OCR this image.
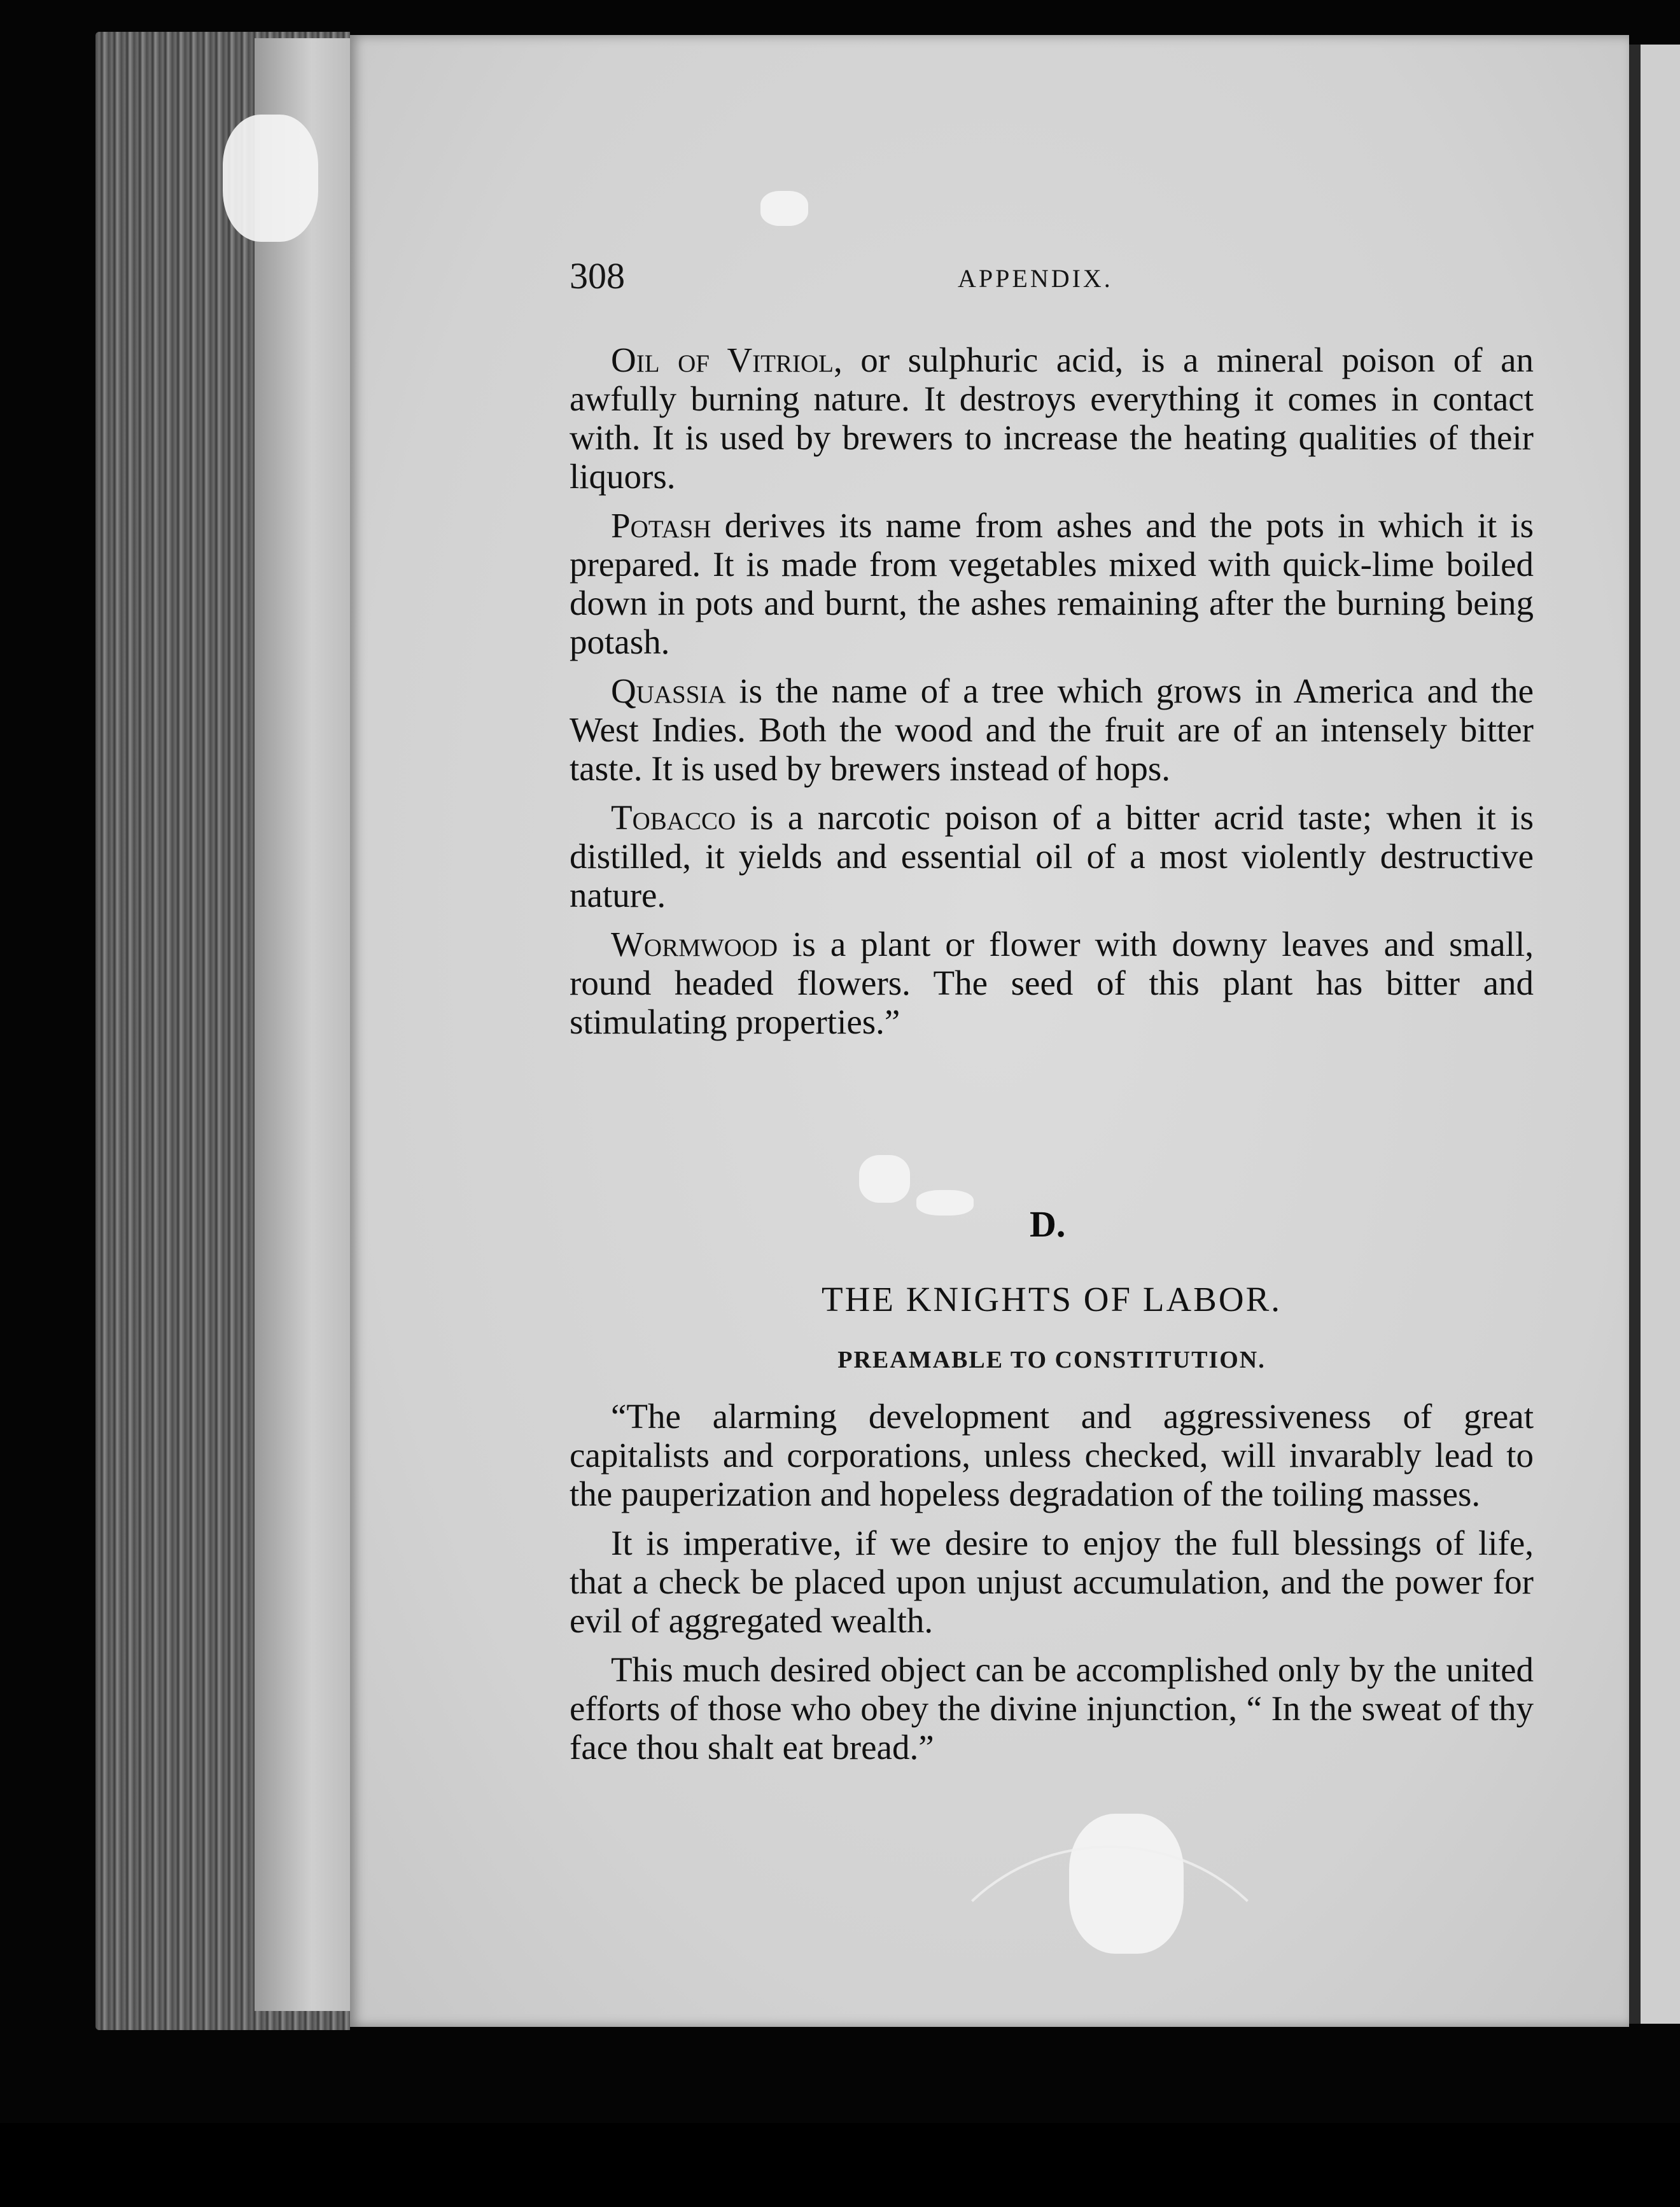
308	APPENDIX.

Oil of Vitriol, or sulphuric acid, is a mineral poison of an awfully burning nature. It destroys everything it comes in contact with. It is used by brewers to increase the heating qualities of their liquors.

Potash derives its name from ashes and the pots in which it is prepared. It is made from vegetables mixed with quick-lime boiled down in pots and burnt, the ashes remaining after the burning being potash.

Quassia is the name of a tree which grows in America and the West Indies. Both the wood and the fruit are of an intensely bitter taste. It is used by brewers instead of hops.

Tobacco is a narcotic poison of a bitter acrid taste; when it is distilled, it yields and essential oil of a most violently destructive nature.

Wormwood is a plant or flower with downy leaves and small, round headed flowers. The seed of this plant has bitter and stimulating properties.”

D.
THE KNIGHTS OF LABOR.
PREAMABLE TO CONSTITUTION.

“The alarming development and aggressiveness of great capitalists and corporations, unless checked, will invarably lead to the pauperization and hopeless degradation of the toiling masses.

It is imperative, if we desire to enjoy the full blessings of life, that a check be placed upon unjust accumulation, and the power for evil of aggregated wealth.

This much desired object can be accomplished only by the united efforts of those who obey the divine injunction, “ In the sweat of thy face thou shalt eat bread.”
